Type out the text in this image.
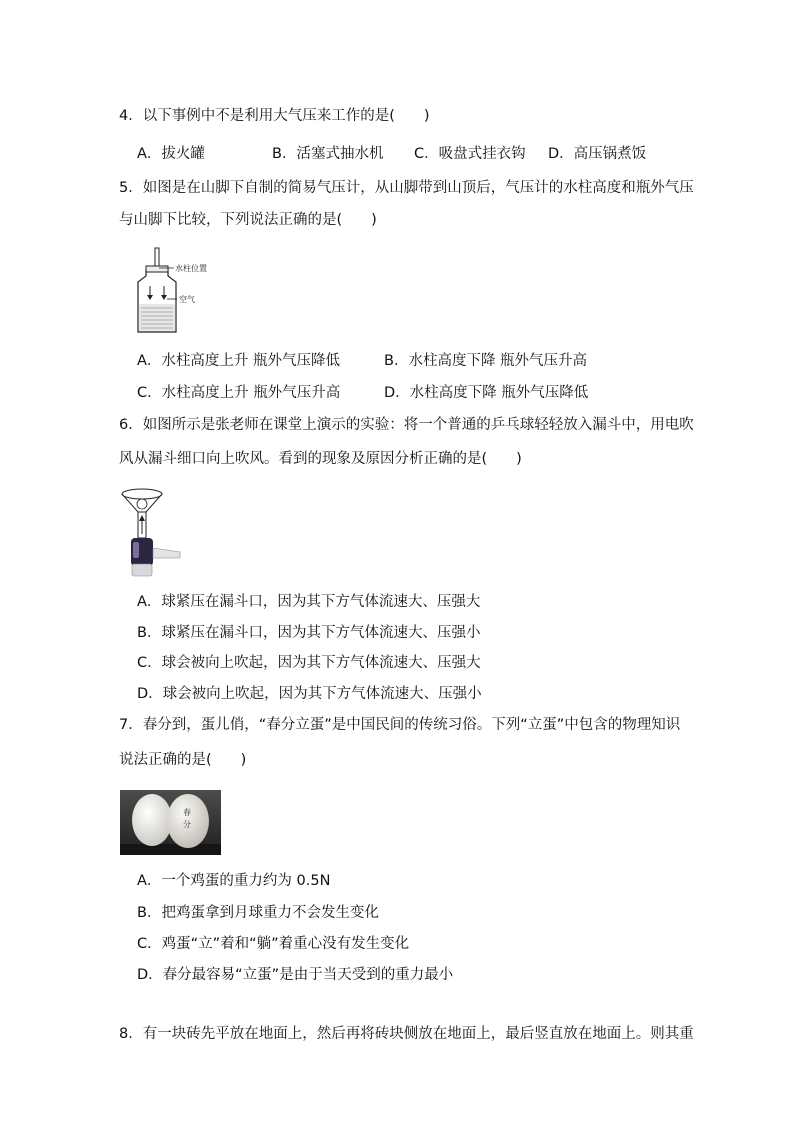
4．以下事例中不是利用大气压来工作的是(　　)
A．拔火罐	B．活塞式抽水机 C．吸盘式挂衣钩 D．高压锅煮饭
5．如图是在山脚下自制的简易气压计，从山脚带到山顶后，气压计的水柱高度和瓶外气压
与山脚下比较，下列说法正确的是(　　)
水柱位置
空气
A．水柱高度上升 瓶外气压降低	B．水柱高度下降 瓶外气压升高
C．水柱高度上升 瓶外气压升高	D．水柱高度下降 瓶外气压降低
6．如图所示是张老师在课堂上演示的实验：将一个普通的乒乓球轻轻放入漏斗中，用电吹
风从漏斗细口向上吹风。看到的现象及原因分析正确的是(　　)
A．球紧压在漏斗口，因为其下方气体流速大、压强大
B．球紧压在漏斗口，因为其下方气体流速大、压强小
C．球会被向上吹起，因为其下方气体流速大、压强大
D．球会被向上吹起，因为其下方气体流速大、压强小
7．春分到，蛋儿俏，“春分立蛋”是中国民间的传统习俗。下列“立蛋”中包含的物理知识
说法正确的是(　　)
春
分
A．一个鸡蛋的重力约为 0.5N
B．把鸡蛋拿到月球重力不会发生变化
C．鸡蛋“立”着和“躺”着重心没有发生变化
D．春分最容易“立蛋”是由于当天受到的重力最小
8．有一块砖先平放在地面上，然后再将砖块侧放在地面上，最后竖直放在地面上。则其重
